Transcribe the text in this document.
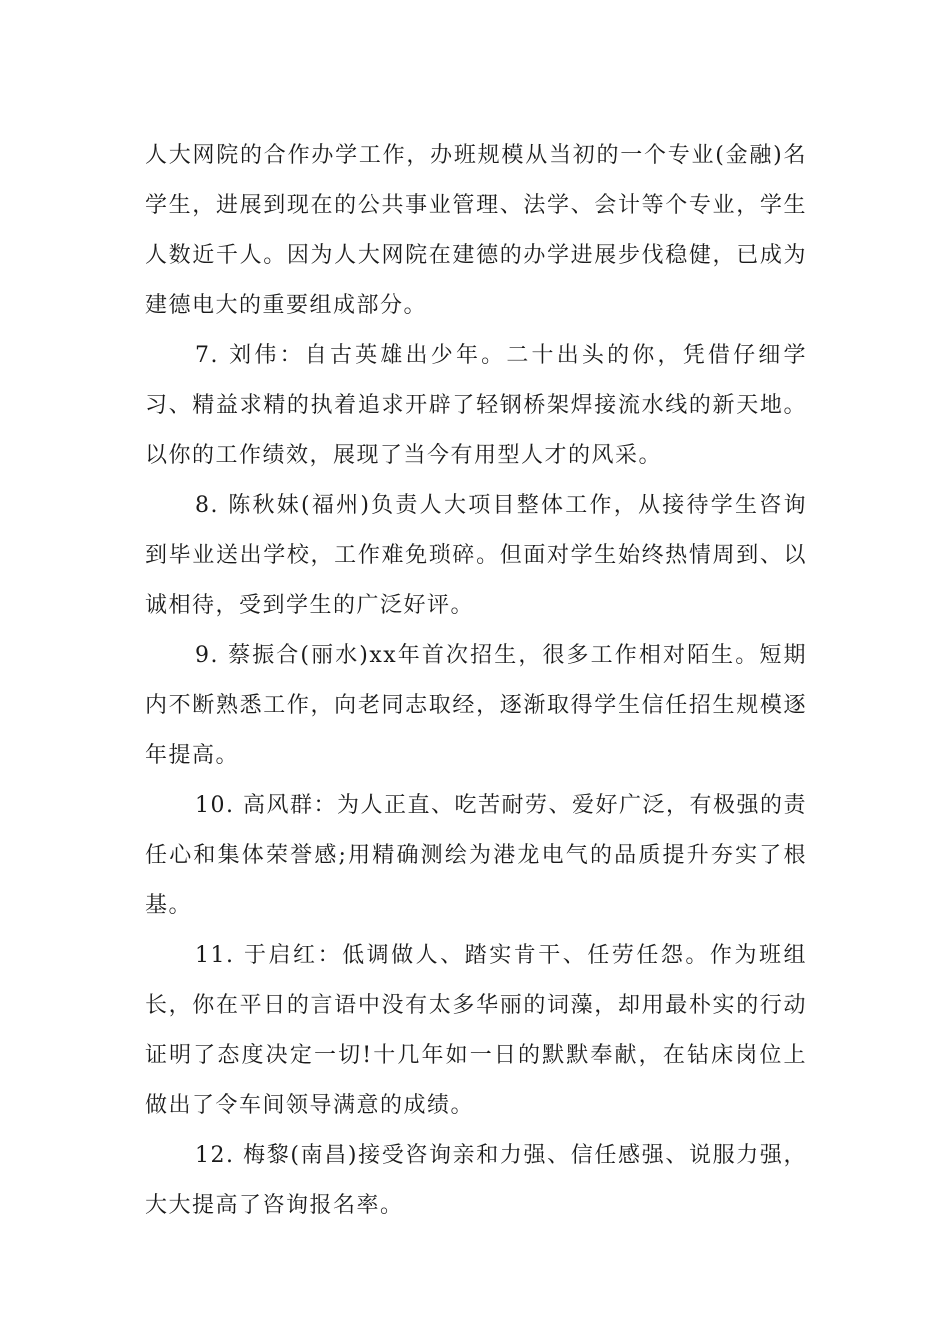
人大网院的合作办学工作，办班规模从当初的一个专业(金融)名学生，进展到现在的公共事业管理、法学、会计等个专业，学生人数近千人。因为人大网院在建德的办学进展步伐稳健，已成为建德电大的重要组成部分。

7. 刘伟：自古英雄出少年。二十出头的你，凭借仔细学习、精益求精的执着追求开辟了轻钢桥架焊接流水线的新天地。以你的工作绩效，展现了当今有用型人才的风采。

8. 陈秋妹(福州)负责人大项目整体工作，从接待学生咨询到毕业送出学校，工作难免琐碎。但面对学生始终热情周到、以诚相待，受到学生的广泛好评。

9. 蔡振合(丽水)xx年首次招生，很多工作相对陌生。短期内不断熟悉工作，向老同志取经，逐渐取得学生信任招生规模逐年提高。

10. 高风群：为人正直、吃苦耐劳、爱好广泛，有极强的责任心和集体荣誉感;用精确测绘为港龙电气的品质提升夯实了根基。

11. 于启红：低调做人、踏实肯干、任劳任怨。作为班组长，你在平日的言语中没有太多华丽的词藻，却用最朴实的行动证明了态度决定一切!十几年如一日的默默奉献，在钻床岗位上做出了令车间领导满意的成绩。

12. 梅黎(南昌)接受咨询亲和力强、信任感强、说服力强，大大提高了咨询报名率。
